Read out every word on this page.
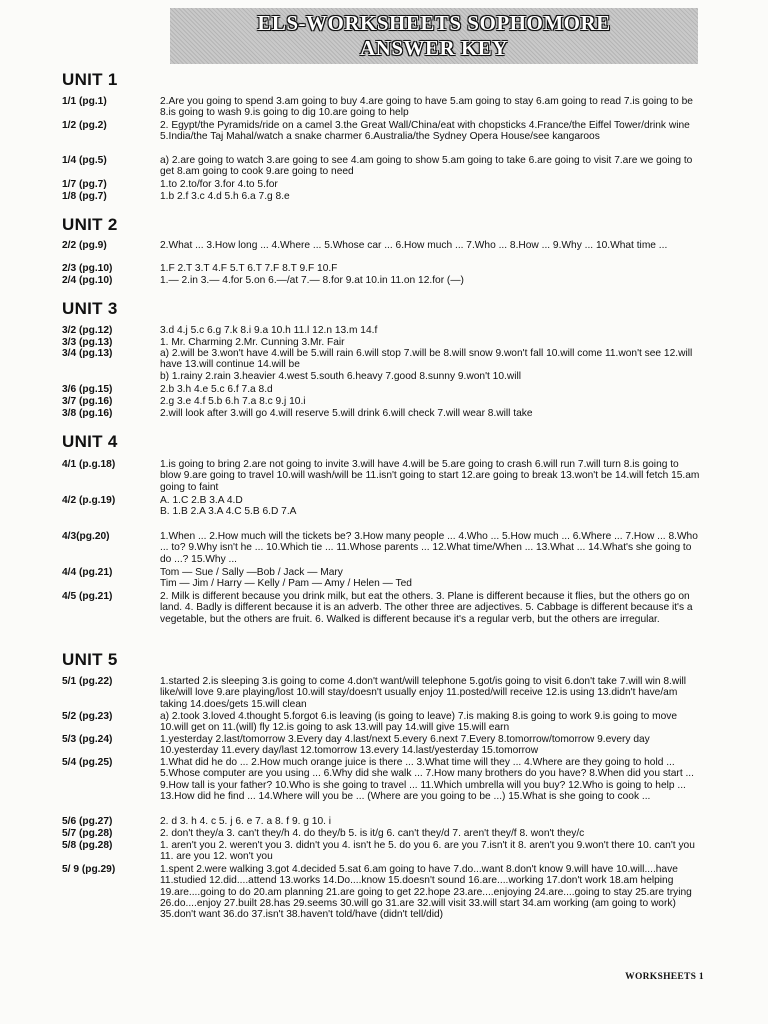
ELS-WORKSHEETS SOPHOMORE
ANSWER KEY
UNIT 1
1/1 (pg.1)	2.Are you going to spend 3.am going to buy 4.are going to have 5.am going to stay 6.am going to read 7.is going to be 8.is going to wash 9.is going to dig 10.are going to help
1/2 (pg.2)	2. Egypt/the Pyramids/ride on a camel 3.the Great Wall/China/eat with chopsticks 4.France/the Eiffel Tower/drink wine 5.India/the Taj Mahal/watch a snake charmer 6.Australia/the Sydney Opera House/see kangaroos
1/4 (pg.5)	a) 2.are going to watch 3.are going to see 4.am going to show 5.am going to take 6.are going to visit 7.are we going to get 8.am going to cook 9.are going to need
1/7 (pg.7)	1.to 2.to/for 3.for 4.to 5.for
1/8 (pg.7)	1.b 2.f 3.c 4.d 5.h 6.a 7.g 8.e
UNIT 2
2/2 (pg.9)	2.What ... 3.How long ... 4.Where ... 5.Whose car ... 6.How much ... 7.Who ... 8.How ... 9.Why ... 10.What time ...
2/3 (pg.10)	1.F 2.T 3.T 4.F 5.T 6.T 7.F 8.T 9.F 10.F
2/4 (pg.10)	1.— 2.in 3.— 4.for 5.on 6.—/at 7.— 8.for 9.at 10.in 11.on 12.for (—)
UNIT 3
3/2 (pg.12)	3.d 4.j 5.c 6.g 7.k 8.i 9.a 10.h 11.l 12.n 13.m 14.f
3/3 (pg.13)	1. Mr. Charming 2.Mr. Cunning 3.Mr. Fair
3/4 (pg.13)	a) 2.will be 3.won't have 4.will be 5.will rain 6.will stop 7.will be 8.will snow 9.won't fall 10.will come 11.won't see 12.will have 13.will continue 14.will be
b) 1.rainy 2.rain 3.heavier 4.west 5.south 6.heavy 7.good 8.sunny 9.won't 10.will
3/6 (pg.15)	2.b 3.h 4.e 5.c 6.f 7.a 8.d
3/7 (pg.16)	2.g 3.e 4.f 5.b 6.h 7.a 8.c 9.j 10.i
3/8 (pg.16)	2.will look after 3.will go 4.will reserve 5.will drink 6.will check 7.will wear 8.will take
UNIT 4
4/1 (p.g.18)	1.is going to bring 2.are not going to invite 3.will have 4.will be 5.are going to crash 6.will run 7.will turn 8.is going to blow 9.are going to travel 10.will wash/will be 11.isn't going to start 12.are going to break 13.won't be 14.will fetch 15.am going to faint
4/2 (p.g.19)	A. 1.C 2.B 3.A 4.D
B. 1.B 2.A 3.A 4.C 5.B 6.D 7.A
4/3(pg.20)	1.When ... 2.How much will the tickets be? 3.How many people ... 4.Who ... 5.How much ... 6.Where ... 7.How ... 8.Who ... to? 9.Why isn't he ... 10.Which tie ... 11.Whose parents ... 12.What time/When ... 13.What ... 14.What's she going to do ...? 15.Why ...
4/4 (pg.21)	Tom — Sue / Sally —Bob / Jack — Mary
Tim — Jim / Harry — Kelly / Pam — Amy / Helen — Ted
4/5 (pg.21)	2. Milk is different because you drink milk, but eat the others. 3. Plane is different because it flies, but the others go on land. 4. Badly is different because it is an adverb. The other three are adjectives. 5. Cabbage is different because it's a vegetable, but the others are fruit. 6. Walked is different because it's a regular verb, but the others are irregular.
UNIT 5
5/1 (pg.22)	1.started 2.is sleeping 3.is going to come 4.don't want/will telephone 5.got/is going to visit 6.don't take 7.will win 8.will like/will love 9.are playing/lost 10.will stay/doesn't usually enjoy 11.posted/will receive 12.is using 13.didn't have/am taking 14.does/gets 15.will clean
5/2 (pg.23)	a) 2.took 3.loved 4.thought 5.forgot 6.is leaving (is going to leave) 7.is making 8.is going to work 9.is going to move 10.will get on 11.(will) fly 12.is going to ask 13.will pay 14.will give 15.will earn
5/3 (pg.24)	1.yesterday 2.last/tomorrow 3.Every day 4.last/next 5.every 6.next 7.Every 8.tomorrow/tomorrow 9.every day 10.yesterday 11.every day/last 12.tomorrow 13.every 14.last/yesterday 15.tomorrow
5/4 (pg.25)	1.What did he do ... 2.How much orange juice is there ... 3.What time will they ... 4.Where are they going to hold ... 5.Whose computer are you using ... 6.Why did she walk ... 7.How many brothers do you have? 8.When did you start ... 9.How tall is your father? 10.Who is she going to travel ... 11.Which umbrella will you buy? 12.Who is going to help ... 13.How did he find ... 14.Where will you be ... (Where are you going to be ...) 15.What is she going to cook ...
5/6 (pg.27)	2. d 3. h 4. c 5. j 6. e 7. a 8. f 9. g 10. i
5/7 (pg.28)	2. don't they/a 3. can't they/h 4. do they/b 5. is it/g 6. can't they/d 7. aren't they/f 8. won't they/c
5/8 (pg.28)	1. aren't you 2. weren't you 3. didn't you 4. isn't he 5. do you 6. are you 7.isn't it 8. aren't you 9.won't there 10. can't you 11. are you 12. won't you
5/ 9 (pg.29)	1.spent 2.were walking 3.got 4.decided 5.sat 6.am going to have 7.do...want 8.don't know 9.will have 10.will....have 11.studied 12.did....attend 13.works 14.Do....know 15.doesn't sound 16.are....working 17.don't work 18.am helping 19.are....going to do 20.am planning 21.are going to get 22.hope 23.are....enjoying 24.are....going to stay 25.are trying 26.do....enjoy 27.built 28.has 29.seems 30.will go 31.are 32.will visit 33.will start 34.am working (am going to work) 35.don't want 36.do 37.isn't 38.haven't told/have (didn't tell/did)
WORKSHEETS 1
